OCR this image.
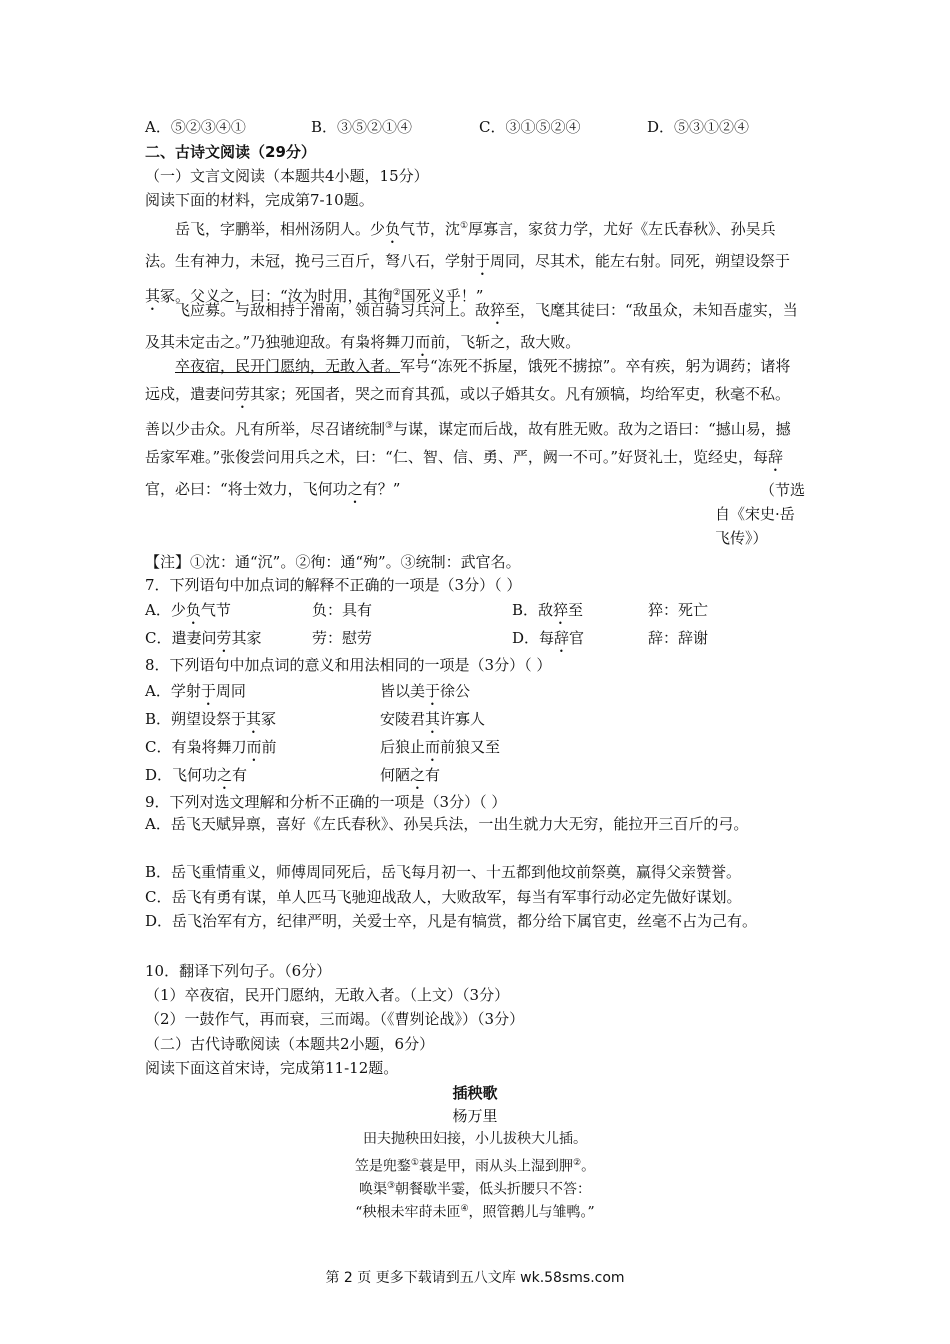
A．⑤②③④①	B．③⑤②①④	C．③①⑤②④	D．⑤③①②④
二、古诗文阅读（29分）
（一）文言文阅读（本题共4小题，15分）
阅读下面的材料，完成第7-10题。
岳飞，字鹏举，相州汤阴人。少负气节，沈①厚寡言，家贫力学，尤好《左氏春秋》、孙吴兵法。生有神力，未冠，挽弓三百斤，弩八石，学射于周同，尽其术，能左右射。同死，朔望设祭于其冢。父义之，曰：“汝为时用，其徇②国死义乎！”
飞应募。与敌相持于滑南，领百骑习兵河上。敌猝至，飞麾其徒曰：“敌虽众，未知吾虚实，当及其未定击之。”乃独驰迎敌。有枭将舞刀而前，飞斩之，敌大败。
卒夜宿，民开门愿纳，无敢入者。军号“冻死不拆屋，饿死不掳掠”。卒有疾，躬为调药；诸将远戍，遣妻问劳其家；死国者，哭之而育其孤，或以子婚其女。凡有颁犒，均给军吏，秋毫不私。善以少击众。凡有所举，尽召诸统制③与谋，谋定而后战，故有胜无败。敌为之语曰：“撼山易，撼岳家军难。”张俊尝问用兵之术，曰：“仁、智、信、勇、严，阙一不可。”好贤礼士，览经史，每辞官，必曰：“将士效力，飞何功之有？”	（节选
自《宋史·岳
飞传》）
【注】①沈：通“沉”。②徇：通“殉”。③统制：武官名。
7．下列语句中加点词的解释不正确的一项是（3分）（ ）
A．少负气节	负：具有	B．敌猝至	猝：死亡
C．遣妻问劳其家	劳：慰劳	D．每辞官	辞：辞谢
8．下列语句中加点词的意义和用法相同的一项是（3分）（ ）
A．学射于周同	皆以美于徐公
B．朔望设祭于其冢	安陵君其许寡人
C．有枭将舞刀而前	后狼止而前狼又至
D．飞何功之有	何陋之有
9．下列对选文理解和分析不正确的一项是（3分）（ ）
A．岳飞天赋异禀，喜好《左氏春秋》、孙吴兵法，一出生就力大无穷，能拉开三百斤的弓。
B．岳飞重情重义，师傅周同死后，岳飞每月初一、十五都到他坟前祭奠，赢得父亲赞誉。
C．岳飞有勇有谋，单人匹马飞驰迎战敌人，大败敌军，每当有军事行动必定先做好谋划。
D．岳飞治军有方，纪律严明，关爱士卒，凡是有犒赏，都分给下属官吏，丝毫不占为己有。
10．翻译下列句子。（6分）
（1）卒夜宿，民开门愿纳，无敢入者。（上文）（3分）
（2）一鼓作气，再而衰，三而竭。（《曹刿论战》）（3分）
（二）古代诗歌阅读（本题共2小题，6分）
阅读下面这首宋诗，完成第11-12题。
插秧歌
杨万里
田夫抛秧田妇接，小儿拔秧大儿插。
笠是兜鍪①蓑是甲，雨从头上湿到胛②。
唤渠③朝餐歇半霎，低头折腰只不答：
“秧根未牢莳未匝④，照管鹅儿与雏鸭。”
第 2 页 更多下载请到五八文库 wk.58sms.com
